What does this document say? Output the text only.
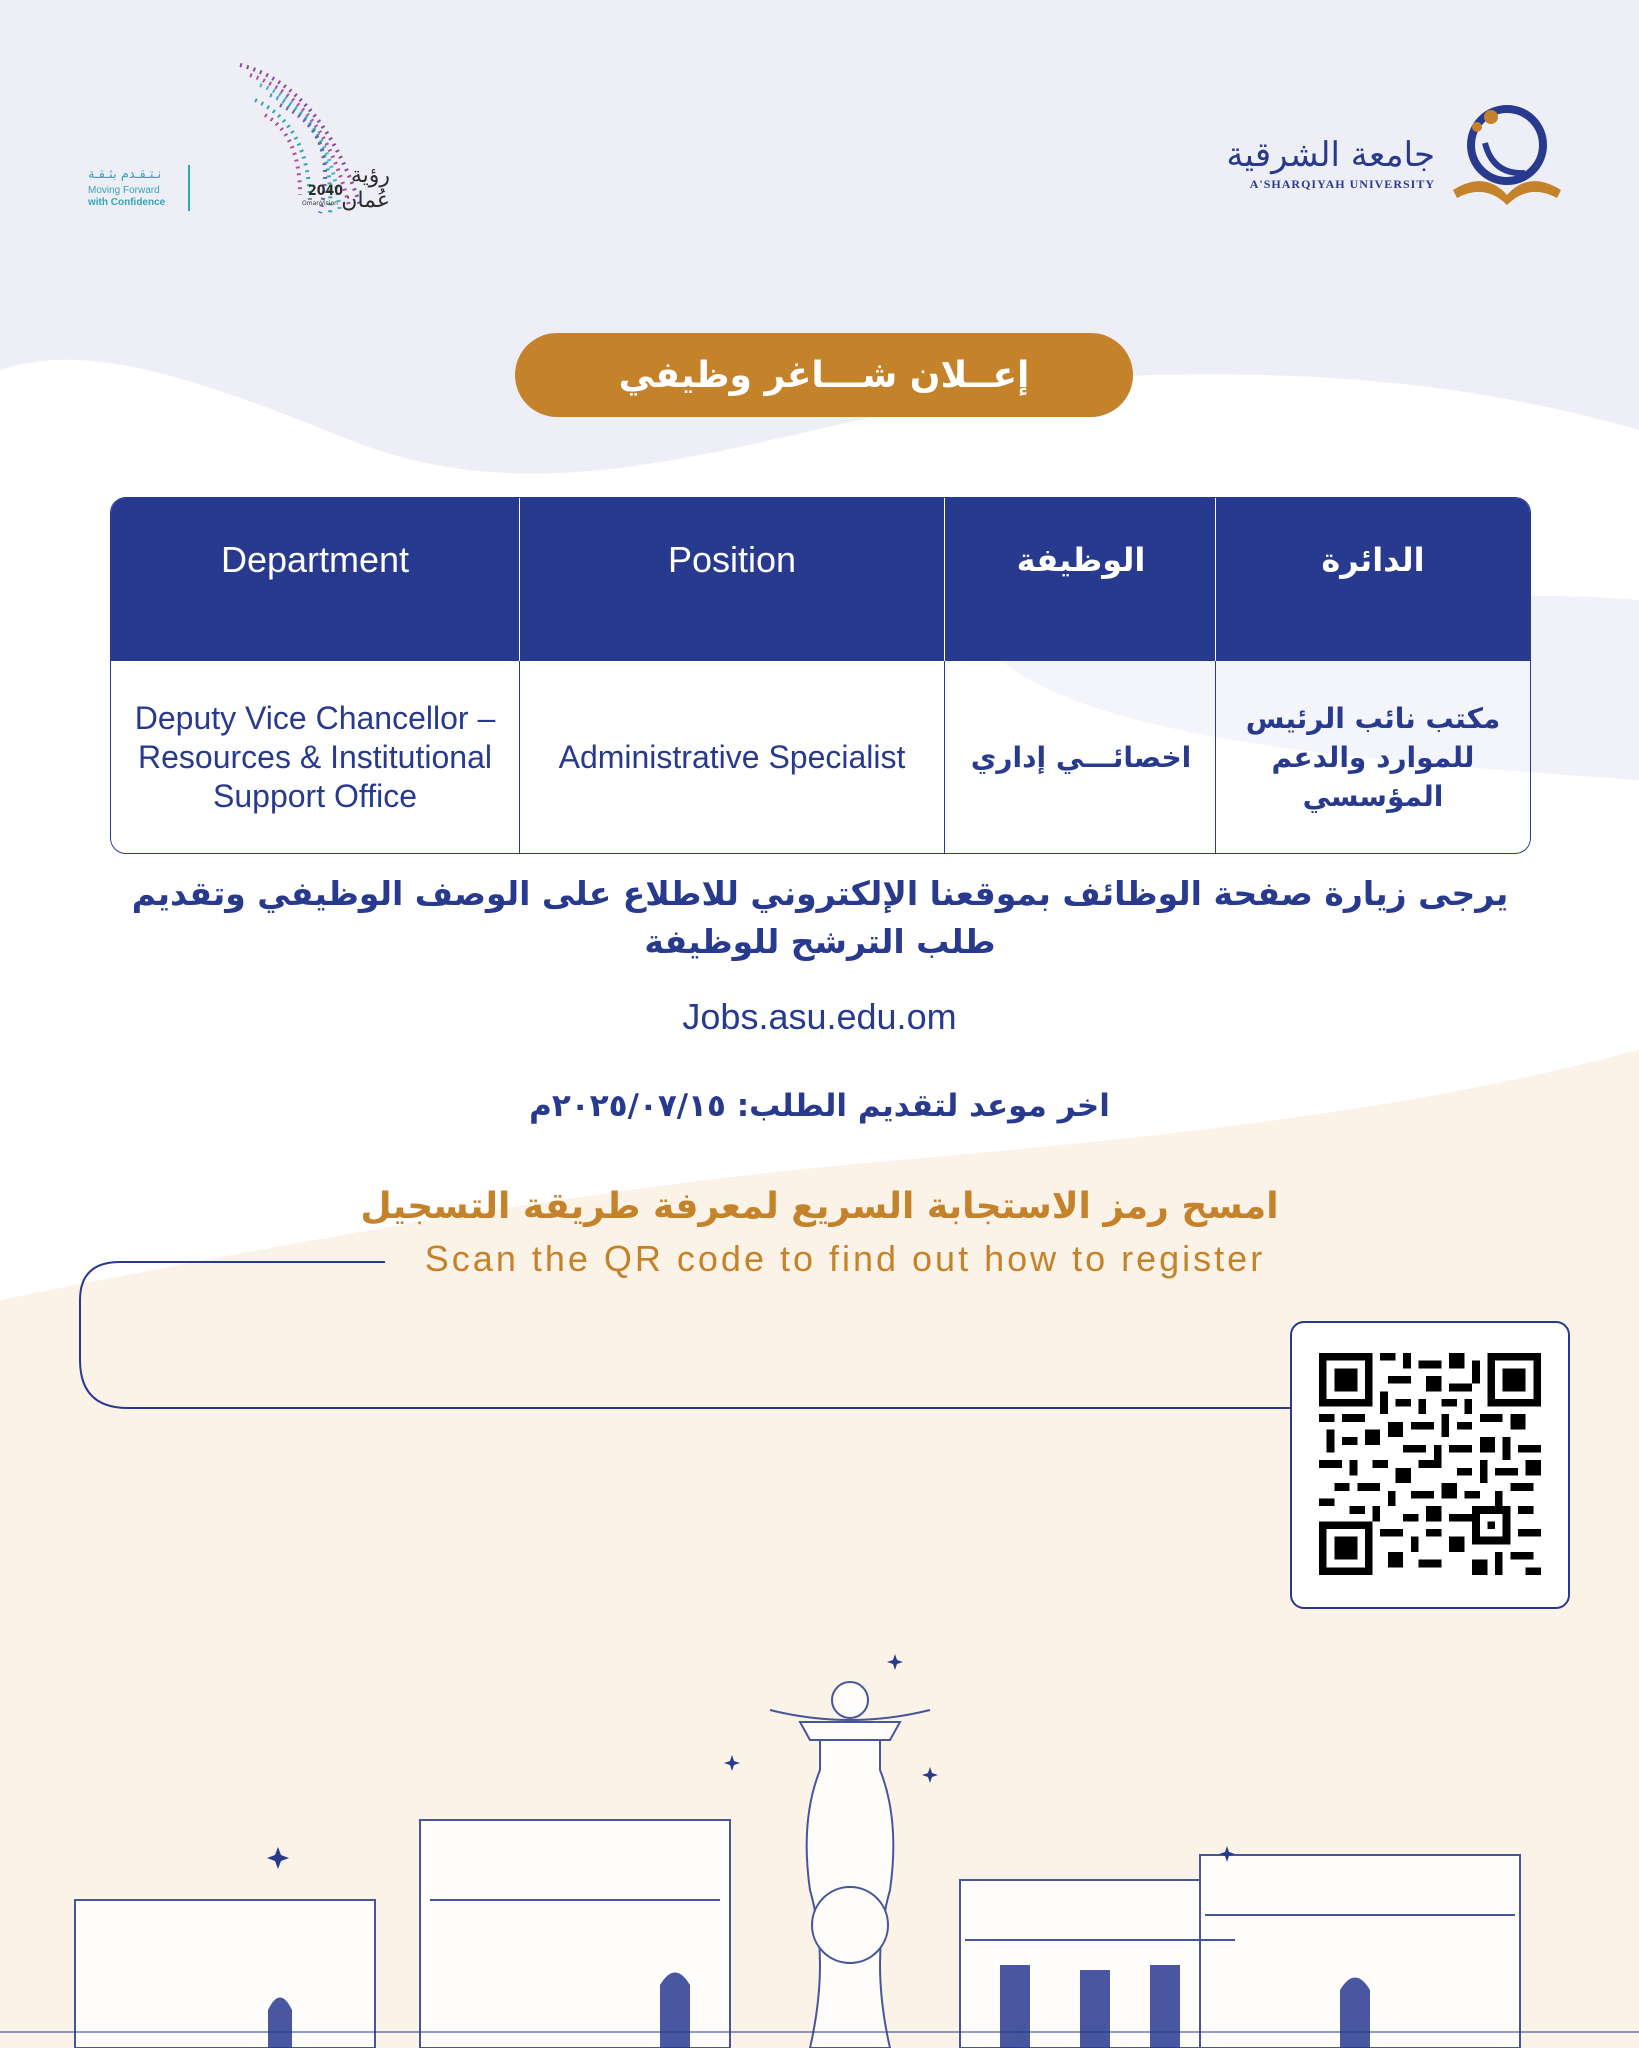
رؤية عُمان
2040
OmanVision
نـتـقـدم بثـقـة
Moving Forward
with Confidence
جامعة الشرقية
A'SHARQIYAH UNIVERSITY
إعــلان شـــاغر وظيفي
Department	Position	الوظيفة	الدائرة
Deputy Vice Chancellor – Resources & Institutional Support Office	Administrative Specialist	اخصائـــي إداري	مكتب نائب الرئيس للموارد والدعم المؤسسي
يرجى زيارة صفحة الوظائف بموقعنا الإلكتروني للاطلاع على الوصف الوظيفي وتقديم طلب الترشح للوظيفة
Jobs.asu.edu.om
اخر موعد لتقديم الطلب: ٢٠٢٥/٠٧/١٥م
امسح رمز الاستجابة السريع لمعرفة طريقة التسجيل
Scan the QR code to find out how to register
